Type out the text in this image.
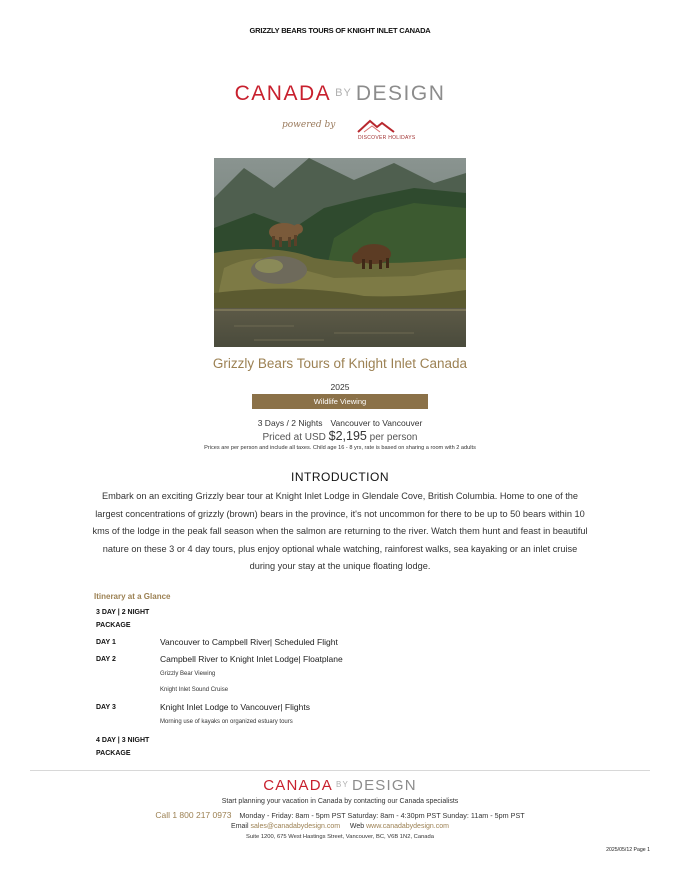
GRIZZLY BEARS TOURS OF KNIGHT INLET CANADA
CANADA BY DESIGN
powered by
DISCOVER HOLIDAYS
Grizzly Bears Tours of Knight Inlet Canada
2025
Wildlife Viewing
3 Days / 2 Nights Vancouver to Vancouver
Priced at USD $2,195 per person
Prices are per person and include all taxes. Child age 16 - 8 yrs, rate is based on sharing a room with 2 adults
INTRODUCTION
Embark on an exciting Grizzly bear tour at Knight Inlet Lodge in Glendale Cove, British Columbia. Home to one of the largest concentrations of grizzly (brown) bears in the province, it's not uncommon for there to be up to 50 bears within 10 kms of the lodge in the peak fall season when the salmon are returning to the river. Watch them hunt and feast in beautiful nature on these 3 or 4 day tours, plus enjoy optional whale watching, rainforest walks, sea kayaking or an inlet cruise during your stay at the unique floating lodge.
Itinerary at a Glance
3 DAY | 2 NIGHT PACKAGE
DAY 1	Vancouver to Campbell River| Scheduled Flight
DAY 2	Campbell River to Knight Inlet Lodge| Floatplane
Grizzly Bear Viewing
Knight Inlet Sound Cruise
DAY 3	Knight Inlet Lodge to Vancouver| Flights
Morning use of kayaks on organized estuary tours
4 DAY | 3 NIGHT PACKAGE
CANADA $^{BY}$ DESIGN
Start planning your vacation in Canada by contacting our Canada specialists
Call 1 800 217 0973 Monday - Friday: 8am - 5pm PST Saturday: 8am - 4:30pm PST Sunday: 11am - 5pm PST
Email sales@canadabydesign.com Web www.canadabydesign.com
Suite 1200, 675 West Hastings Street, Vancouver, BC, V6B 1N2, Canada
2025/05/12 Page 1
